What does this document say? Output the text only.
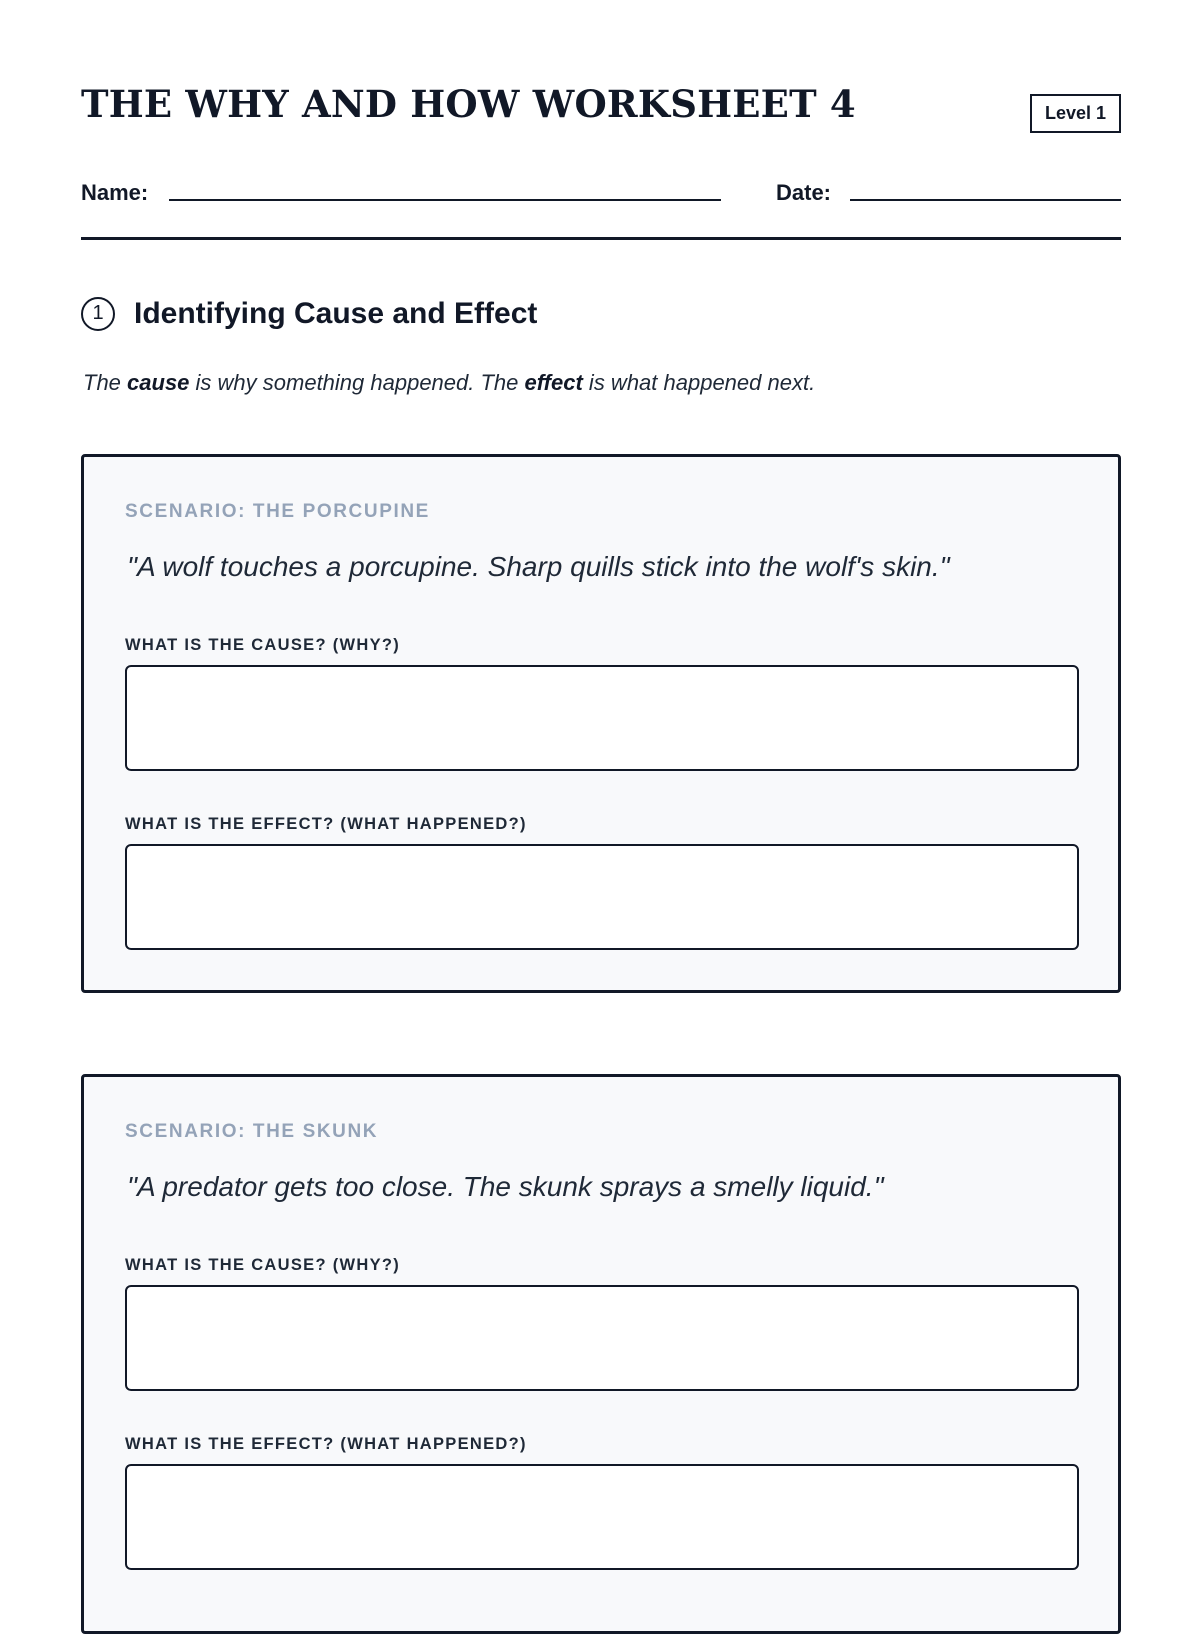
THE WHY AND HOW WORKSHEET 4	Level 1
Name:	Date:
1	Identifying Cause and Effect
The cause is why something happened. The effect is what happened next.
SCENARIO: THE PORCUPINE
"A wolf touches a porcupine. Sharp quills stick into the wolf's skin."
WHAT IS THE CAUSE? (WHY?)
WHAT IS THE EFFECT? (WHAT HAPPENED?)
SCENARIO: THE SKUNK
"A predator gets too close. The skunk sprays a smelly liquid."
WHAT IS THE CAUSE? (WHY?)
WHAT IS THE EFFECT? (WHAT HAPPENED?)
